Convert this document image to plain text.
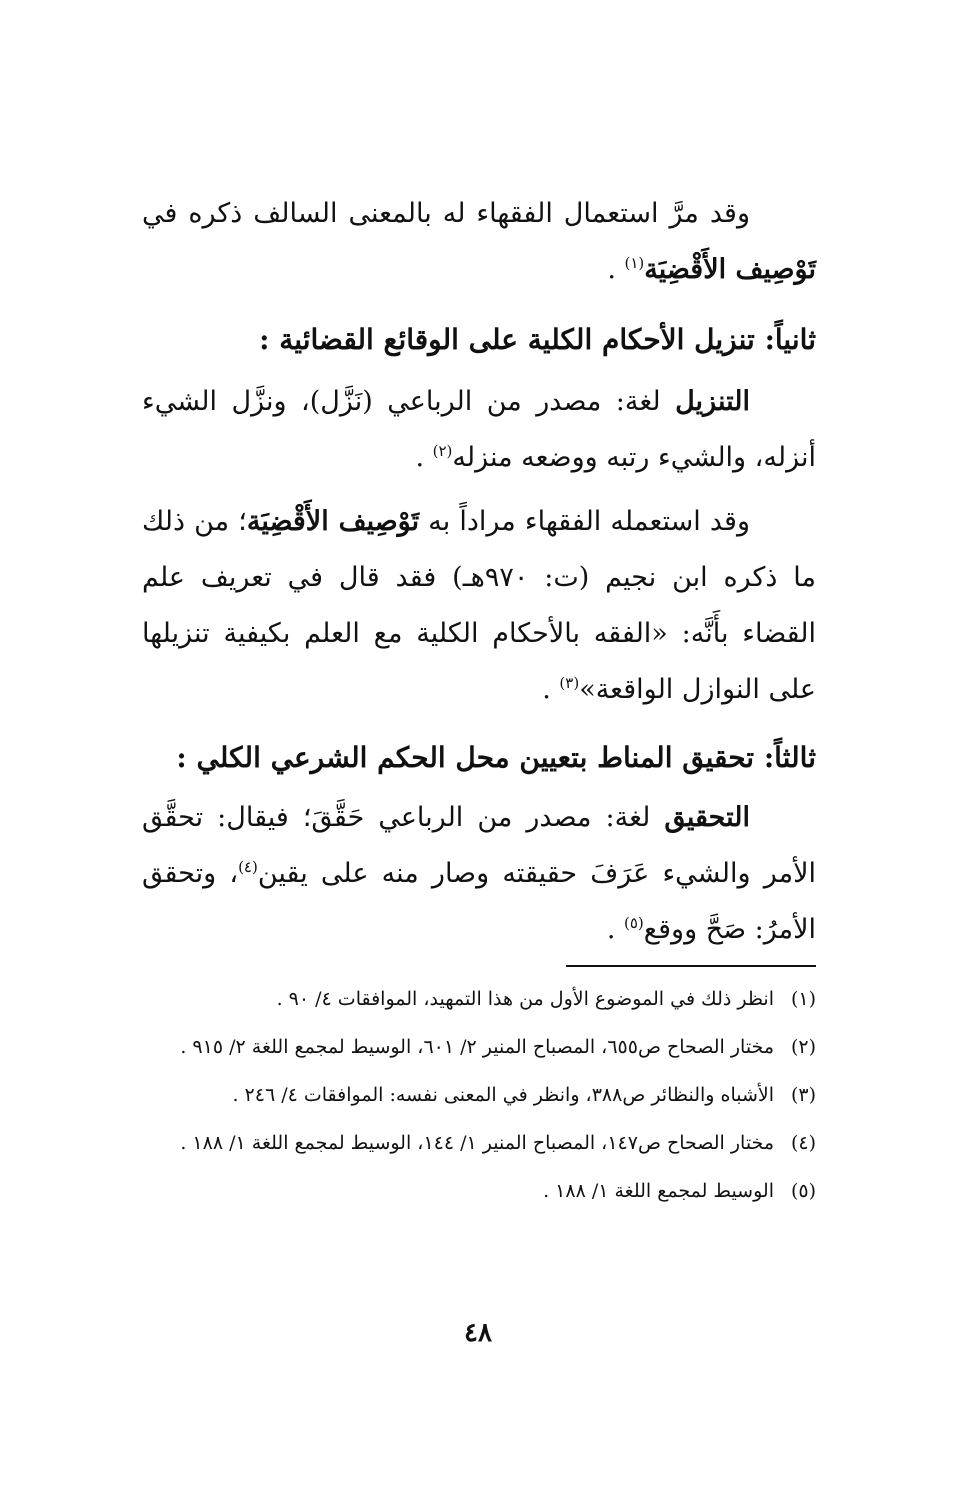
وقد مرَّ استعمال الفقهاء له بالمعنى السالف ذكره في تَوْصِيف الأَقْضِيَة$^{(١)}$ .

ثانياً: تنزيل الأحكام الكلية على الوقائع القضائية :

التنزيل لغة: مصدر من الرباعي (نَزَّل)، ونزَّل الشيء أنزله، والشيء رتبه ووضعه منزله$^{(٢)}$ .

وقد استعمله الفقهاء مراداً به تَوْصِيف الأَقْضِيَة؛ من ذلك ما ذكره ابن نجيم (ت: ٩٧٠هـ) فقد قال في تعريف علم القضاء بأَنَّه: «الفقه بالأحكام الكلية مع العلم بكيفية تنزيلها على النوازل الواقعة»$^{(٣)}$ .

ثالثاً: تحقيق المناط بتعيين محل الحكم الشرعي الكلي :

التحقيق لغة: مصدر من الرباعي حَقَّقَ؛ فيقال: تحقَّق الأمر والشيء عَرَفَ حقيقته وصار منه على يقين$^{(٤)}$، وتحقق الأمرُ: صَحَّ ووقع$^{(٥)}$ .

(١)
انظر ذلك في الموضوع الأول من هذا التمهيد، الموافقات ٤/ ٩٠ .
(٢)
مختار الصحاح ص٦٥٥، المصباح المنير ٢/ ٦٠١، الوسيط لمجمع اللغة ٢/ ٩١٥ .
(٣)
الأشباه والنظائر ص٣٨٨، وانظر في المعنى نفسه: الموافقات ٤/ ٢٤٦ .
(٤)
مختار الصحاح ص١٤٧، المصباح المنير ١/ ١٤٤، الوسيط لمجمع اللغة ١/ ١٨٨ .
(٥)
الوسيط لمجمع اللغة ١/ ١٨٨ .
٤٨
